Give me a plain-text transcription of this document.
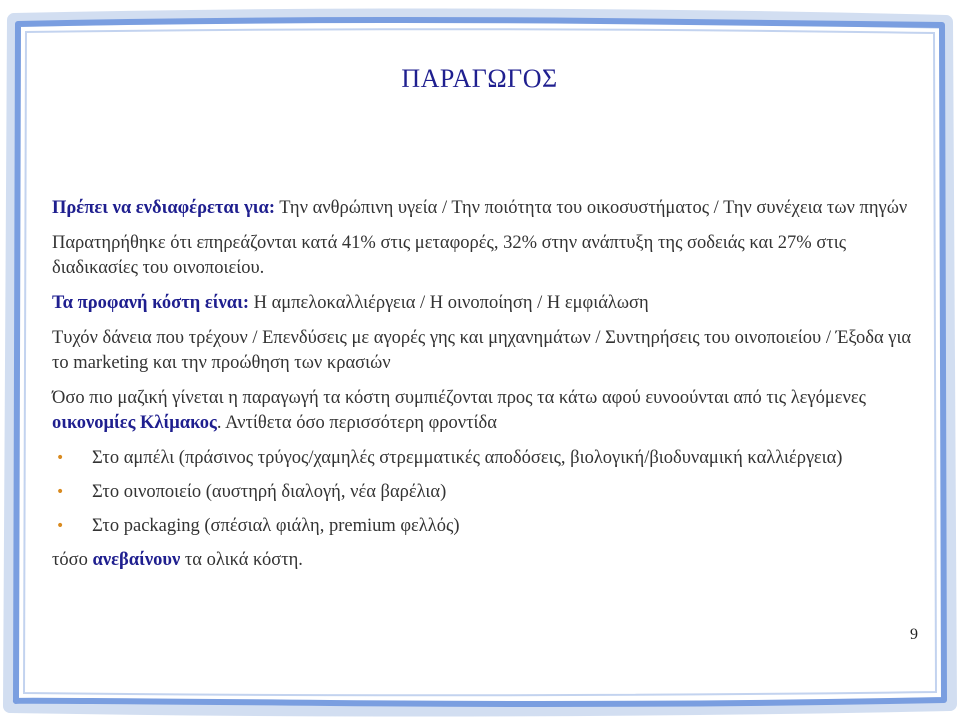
ΠΑΡΑΓΩΓΟΣ

Πρέπει να ενδιαφέρεται για: Την ανθρώπινη υγεία / Την ποιότητα του οικοσυστήματος / Την συνέχεια των πηγών

Παρατηρήθηκε ότι επηρεάζονται κατά 41% στις μεταφορές, 32% στην ανάπτυξη της σοδειάς και 27% στις διαδικασίες του οινοποιείου.

Τα προφανή κόστη είναι: Η αμπελοκαλλιέργεια / Η οινοποίηση / Η εμφιάλωση

Τυχόν δάνεια που τρέχουν / Επενδύσεις με αγορές γης και μηχανημάτων / Συντηρήσεις του οινοποιείου / Έξοδα για το marketing και την προώθηση των κρασιών

Όσο πιο μαζική γίνεται η παραγωγή τα κόστη συμπιέζονται προς τα κάτω αφού ευνοούνται από τις λεγόμενες οικονομίες Κλίμακος. Αντίθετα όσο περισσότερη φροντίδα

• Στο αμπέλι (πράσινος τρύγος/χαμηλές στρεμματικές αποδόσεις, βιολογική/βιοδυναμική καλλιέργεια)
• Στο οινοποιείο (αυστηρή διαλογή, νέα βαρέλια)
• Στο packaging (σπέσιαλ φιάλη, premium φελλός)

τόσο ανεβαίνουν τα ολικά κόστη.

9
